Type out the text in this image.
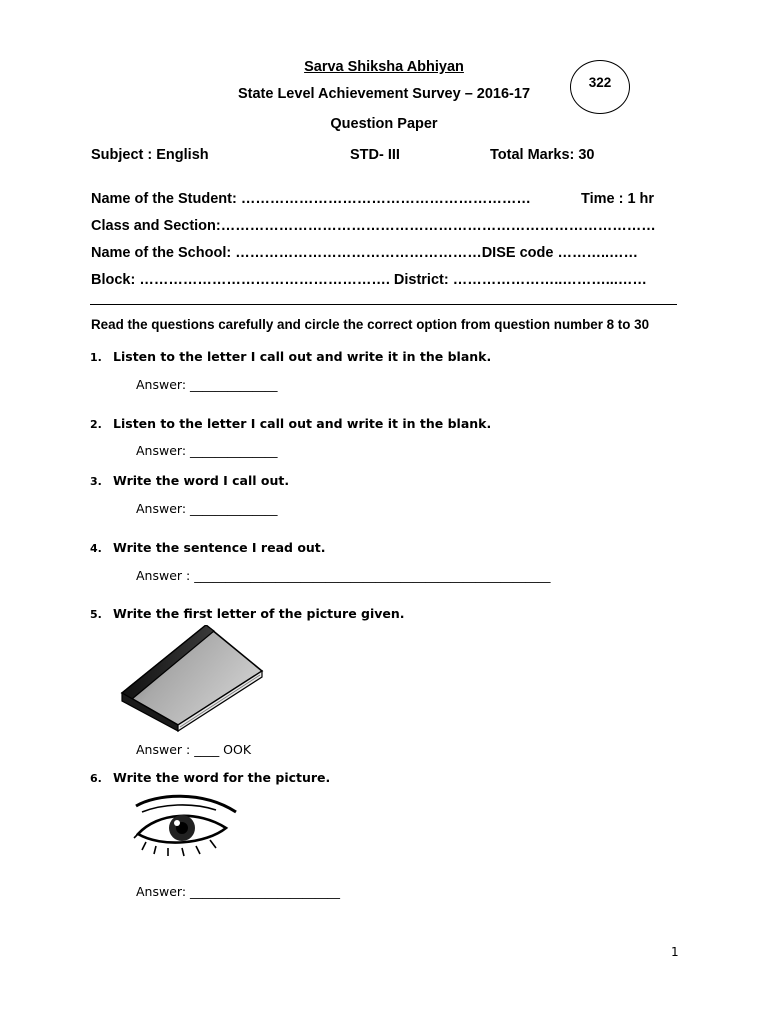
Sarva Shiksha Abhiyan
State Level Achievement Survey – 2016-17
Question Paper
322
Subject : English	STD- III	Total Marks: 30
Name of the Student: ……………………………………………………	Time : 1 hr
Class and Section:………………………………………………………………………………
Name of the School: ……………………………………………DISE code ………..……
Block: ……………………………………………. District: …………………..………...……
Read the questions carefully and circle the correct option from question number 8 to 30
1. Listen to the letter I call out and write it in the blank.
Answer: ______________
2. Listen to the letter I call out and write it in the blank.
Answer: ______________
3. Write the word I call out.
Answer: ______________
4. Write the sentence I read out.
Answer : _________________________________________________________
5. Write the first letter of the picture given.
Answer : ____ OOK
6. Write the word for the picture.
Answer: ________________________
1
